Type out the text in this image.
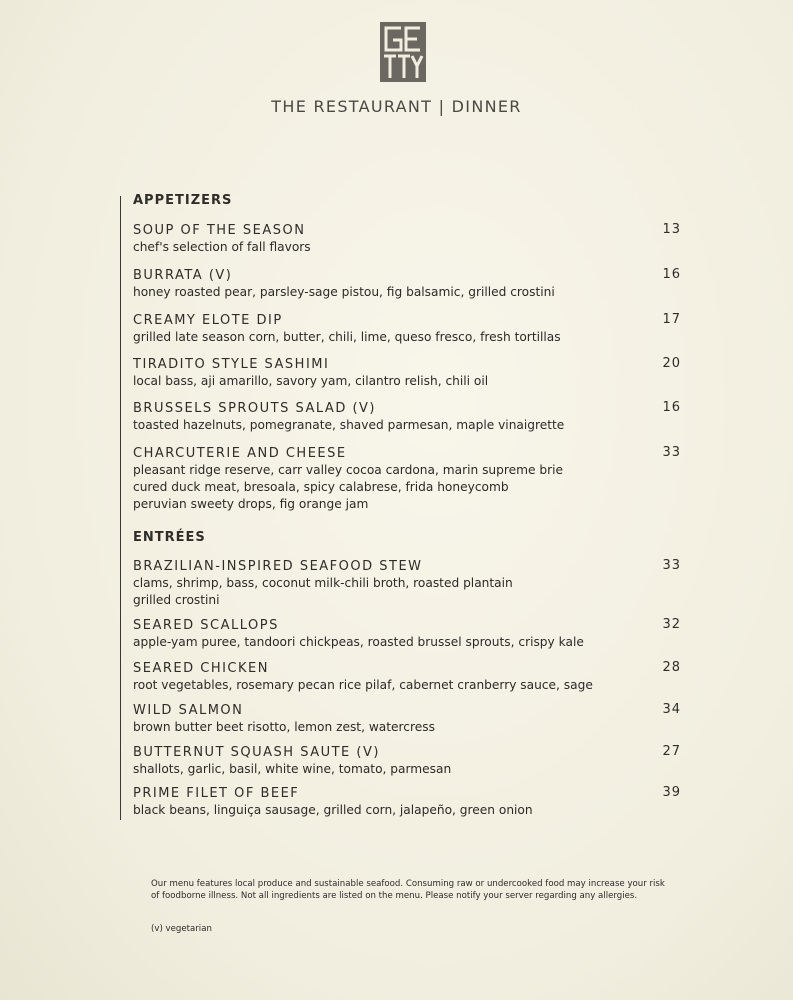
THE RESTAURANT | DINNER
APPETIZERS
SOUP OF THE SEASON	13
chef's selection of fall flavors
BURRATA (V)	16
honey roasted pear, parsley-sage pistou, fig balsamic, grilled crostini
CREAMY ELOTE DIP	17
grilled late season corn, butter, chili, lime, queso fresco, fresh tortillas
TIRADITO STYLE SASHIMI	20
local bass, aji amarillo, savory yam, cilantro relish, chili oil
BRUSSELS SPROUTS SALAD (V)	16
toasted hazelnuts, pomegranate, shaved parmesan, maple vinaigrette
CHARCUTERIE AND CHEESE	33
pleasant ridge reserve, carr valley cocoa cardona, marin supreme brie
cured duck meat, bresoala, spicy calabrese, frida honeycomb
peruvian sweety drops, fig orange jam
ENTRÉES
BRAZILIAN-INSPIRED SEAFOOD STEW	33
clams, shrimp, bass, coconut milk-chili broth, roasted plantain
grilled crostini
SEARED SCALLOPS	32
apple-yam puree, tandoori chickpeas, roasted brussel sprouts, crispy kale
SEARED CHICKEN	28
root vegetables, rosemary pecan rice pilaf, cabernet cranberry sauce, sage
WILD SALMON	34
brown butter beet risotto, lemon zest, watercress
BUTTERNUT SQUASH SAUTE (V)	27
shallots, garlic, basil, white wine, tomato, parmesan
PRIME FILET OF BEEF	39
black beans, linguiça sausage, grilled corn, jalapeño, green onion
Our menu features local produce and sustainable seafood. Consuming raw or undercooked food may increase your risk of foodborne illness. Not all ingredients are listed on the menu. Please notify your server regarding any allergies.
(v) vegetarian
